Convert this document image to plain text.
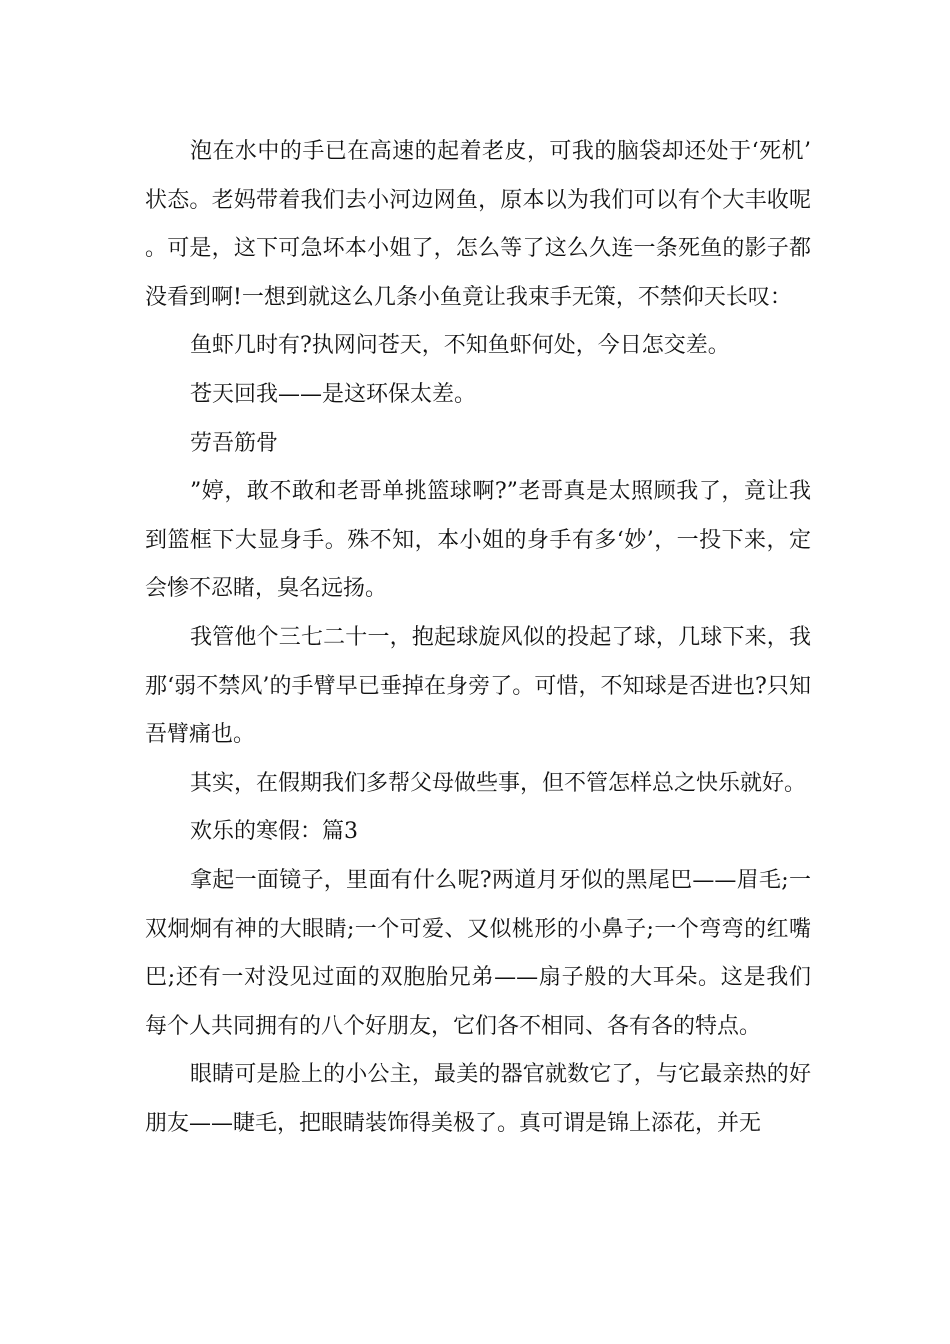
泡在水中的手已在高速的起着老皮，可我的脑袋却还处于‘死机’状态。老妈带着我们去小河边网鱼，原本以为我们可以有个大丰收呢。可是，这下可急坏本小姐了，怎么等了这么久连一条死鱼的影子都没看到啊!一想到就这么几条小鱼竟让我束手无策，不禁仰天长叹：

鱼虾几时有?执网问苍天，不知鱼虾何处，今日怎交差。

苍天回我——是这环保太差。

劳吾筋骨

”婷，敢不敢和老哥单挑篮球啊?”老哥真是太照顾我了，竟让我到篮框下大显身手。殊不知，本小姐的身手有多‘妙’，一投下来，定会惨不忍睹，臭名远扬。

我管他个三七二十一，抱起球旋风似的投起了球，几球下来，我那‘弱不禁风’的手臂早已垂掉在身旁了。可惜，不知球是否进也?只知吾臂痛也。

其实，在假期我们多帮父母做些事，但不管怎样总之快乐就好。

欢乐的寒假：篇3

拿起一面镜子，里面有什么呢?两道月牙似的黑尾巴——眉毛;一双炯炯有神的大眼睛;一个可爱、又似桃形的小鼻子;一个弯弯的红嘴巴;还有一对没见过面的双胞胎兄弟——扇子般的大耳朵。这是我们每个人共同拥有的八个好朋友，它们各不相同、各有各的特点。

眼睛可是脸上的小公主，最美的器官就数它了，与它最亲热的好朋友——睫毛，把眼睛装饰得美极了。真可谓是锦上添花，并无
